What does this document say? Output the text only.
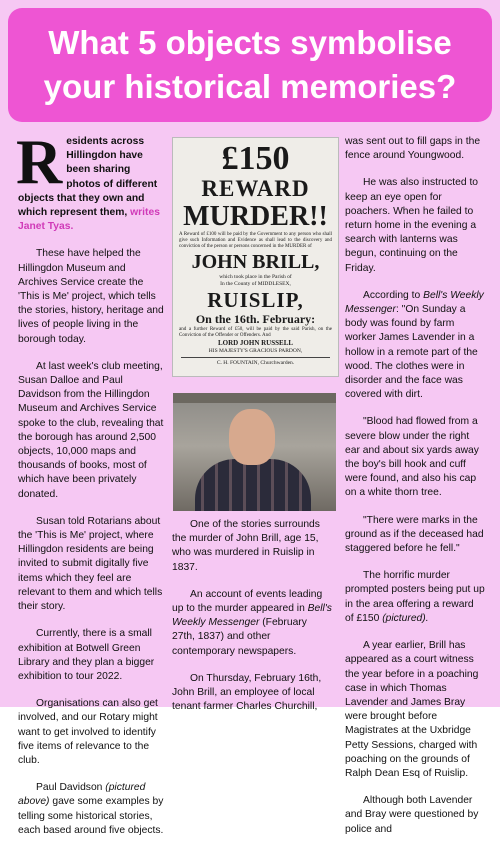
What 5 objects symbolise
your historical memories?

Residents across Hillingdon have been sharing photos of different objects that they own and which represent them, writes Janet Tyas.

These have helped the Hillingdon Museum and Archives Service create the 'This is Me' project, which tells the stories, history, heritage and lives of people living in the borough today.

At last week's club meeting, Susan Dalloe and Paul Davidson from the Hillingdon Museum and Archives Service spoke to the club, revealing that the borough has around 2,500 objects, 10,000 maps and thousands of books, most of which have been privately donated.

Susan told Rotarians about the 'This is Me' project, where Hillingdon residents are being invited to submit digitally five items which they feel are relevant to them and which tells their story.

Currently, there is a small exhibition at Botwell Green Library and they plan a bigger exhibition to tour 2022.

Organisations can also get involved, and our Rotary might want to get involved to identify five items of relevance to the club.

Paul Davidson (pictured above) gave some examples by telling some historical stories, each based around five objects.

£150
REWARD
MURDER!!
A Reward of £100 will be paid by the Government to any person who shall give such Information and Evidence as shall lead to the discovery and conviction of the person or persons concerned in the MURDER of
JOHN BRILL,
which took place in the Parish of
In the County of MIDDLESEX,
RUISLIP,
On the 16th. February:
and a further Reward of £50, will be paid by the said Parish, on the Conviction of the Offender or Offenders. And
LORD JOHN RUSSELL
HIS MAJESTY'S GRACIOUS PARDON,
C. H. FOUNTAIN, Churchwarden.

One of the stories surrounds the murder of John Brill, age 15, who was murdered in Ruislip in 1837.

An account of events leading up to the murder appeared in Bell's Weekly Messenger (February 27th, 1837) and other contemporary newspapers.

On Thursday, February 16th, John Brill, an employee of local tenant farmer Charles Churchill,

was sent out to fill gaps in the fence around Youngwood.

He was also instructed to keep an eye open for poachers. When he failed to return home in the evening a search with lanterns was begun, continuing on the Friday.

According to Bell's Weekly Messenger: "On Sunday a body was found by farm worker James Lavender in a hollow in a remote part of the wood. The clothes were in disorder and the face was covered with dirt.

"Blood had flowed from a severe blow under the right ear and about six yards away the boy's bill hook and cuff were found, and also his cap on a white thorn tree.

"There were marks in the ground as if the deceased had staggered before he fell."

The horrific murder prompted posters being put up in the area offering a reward of £150 (pictured).

A year earlier, Brill has appeared as a court witness the year before in a poaching case in which Thomas Lavender and James Bray were brought before Magistrates at the Uxbridge Petty Sessions, charged with poaching on the grounds of Ralph Dean Esq of Ruislip.

Although both Lavender and Bray were questioned by police and
